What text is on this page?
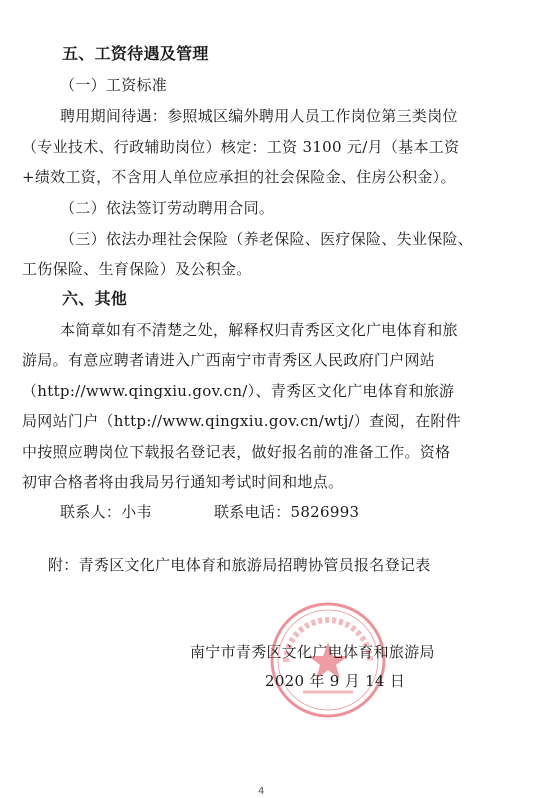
五、工资待遇及管理
（一）工资标准
聘用期间待遇：参照城区编外聘用人员工作岗位第三类岗位
（专业技术、行政辅助岗位）核定：工资 3100 元/月（基本工资
+绩效工资，不含用人单位应承担的社会保险金、住房公积金）。
（二）依法签订劳动聘用合同。
（三）依法办理社会保险（养老保险、医疗保险、失业保险、
工伤保险、生育保险）及公积金。
六、其他
本简章如有不清楚之处，解释权归青秀区文化广电体育和旅
游局。有意应聘者请进入广西南宁市青秀区人民政府门户网站
（http://www.qingxiu.gov.cn/）、青秀区文化广电体育和旅游
局网站门户（http://www.qingxiu.gov.cn/wtj/）查阅，在附件
中按照应聘岗位下载报名登记表，做好报名前的准备工作。资格
初审合格者将由我局另行通知考试时间和地点。
联系人：小韦	联系电话：5826993
附：青秀区文化广电体育和旅游局招聘协管员报名登记表
南宁市青秀区文化广电体育和旅游局
2020 年 9 月 14 日
4
